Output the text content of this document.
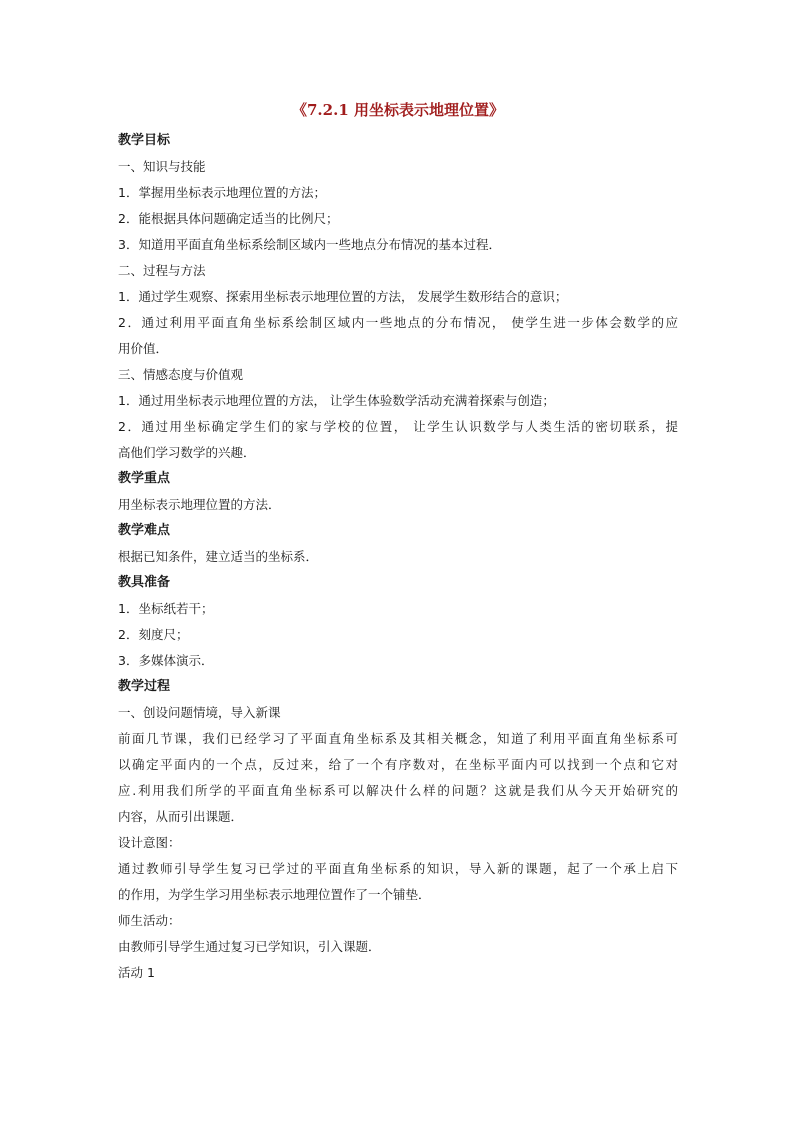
《7.2.1 用坐标表示地理位置》
教学目标
一、知识与技能
1．掌握用坐标表示地理位置的方法；
2．能根据具体问题确定适当的比例尺；
3．知道用平面直角坐标系绘制区域内一些地点分布情况的基本过程．
二、过程与方法
1．通过学生观察、探索用坐标表示地理位置的方法， 发展学生数形结合的意识；
2．通过利用平面直角坐标系绘制区域内一些地点的分布情况， 使学生进一步体会数学的应
用价值．
三、情感态度与价值观
1．通过用坐标表示地理位置的方法， 让学生体验数学活动充满着探索与创造；
2．通过用坐标确定学生们的家与学校的位置， 让学生认识数学与人类生活的密切联系，提
高他们学习数学的兴趣．
教学重点
用坐标表示地理位置的方法．
教学难点
根据已知条件，建立适当的坐标系．
教具准备
1．坐标纸若干；
2．刻度尺；
3．多媒体演示．
教学过程
一、创设问题情境，导入新课
前面几节课，我们已经学习了平面直角坐标系及其相关概念，知道了利用平面直角坐标系可
以确定平面内的一个点，反过来，给了一个有序数对，在坐标平面内可以找到一个点和它对
应.利用我们所学的平面直角坐标系可以解决什么样的问题？这就是我们从今天开始研究的
内容，从而引出课题．
设计意图：
通过教师引导学生复习已学过的平面直角坐标系的知识，导入新的课题，起了一个承上启下
的作用，为学生学习用坐标表示地理位置作了一个铺垫．
师生活动：
由教师引导学生通过复习已学知识，引入课题．
活动 1
